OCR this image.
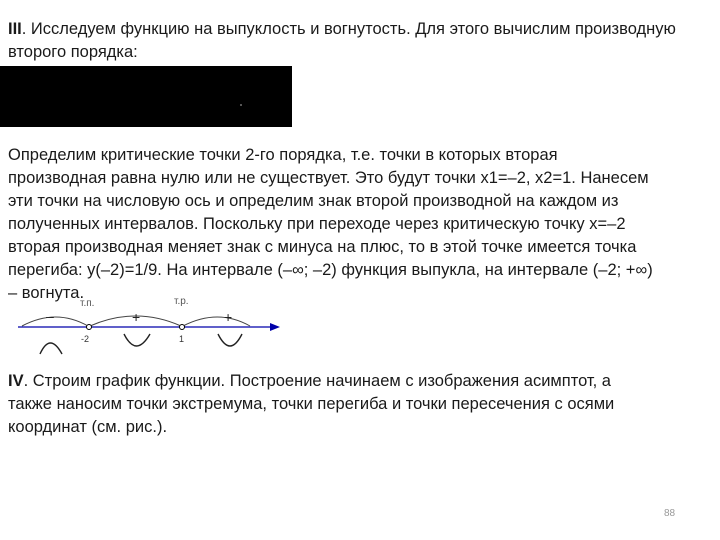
III. Исследуем функцию на выпуклость и вогнутость. Для этого вычислим производную второго порядка:
Определим критические точки 2-го порядка, т.е. точки в которых вторая
производная равна нулю или не существует. Это будут точки x1=–2, x2=1. Нанесем
эти точки на числовую ось и определим знак второй производной на каждом из
полученных интервалов. Поскольку при переходе через критическую точку x=–2
вторая производная меняет знак с минуса на плюс, то в этой точке имеется точка
перегиба: y(–2)=1/9. На интервале (–∞; –2) функция выпукла, на интервале (–2; +∞)
– вогнута.
–	+	+
т.п.	т.р.
-2	1
IV. Строим график функции. Построение начинаем с изображения асимптот, а
также наносим точки экстремума, точки перегиба и точки пересечения с осями
координат (см. рис.).
88
